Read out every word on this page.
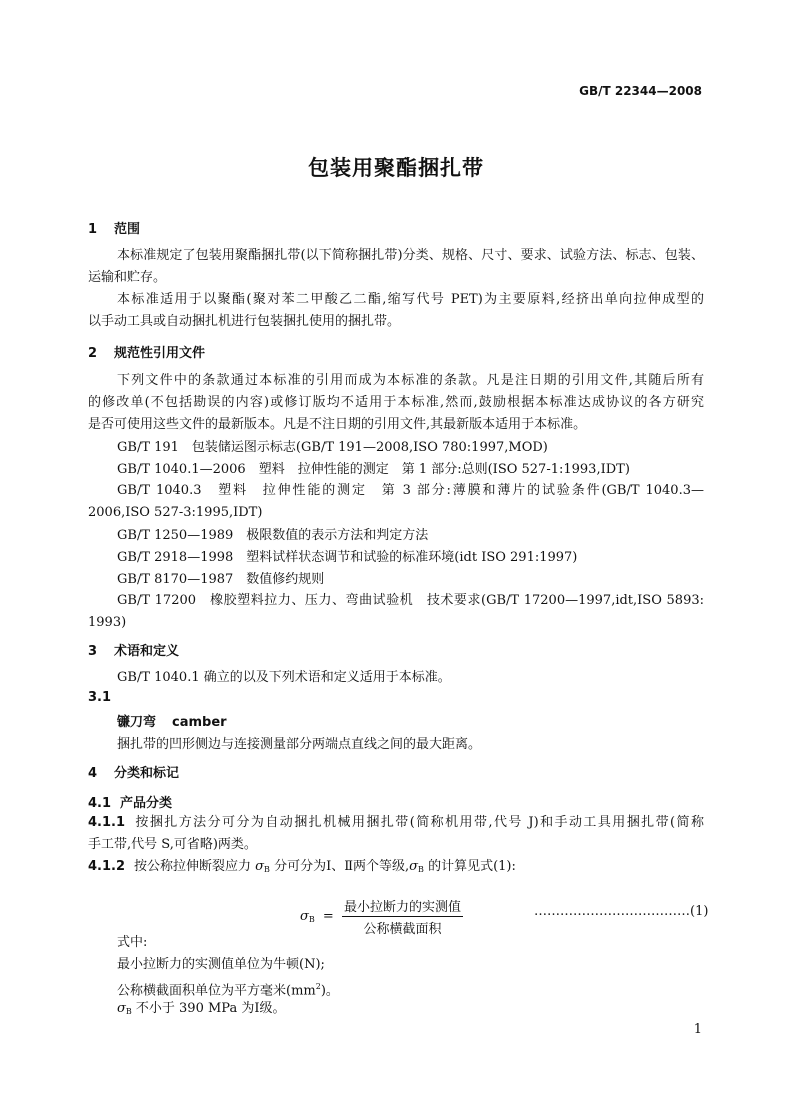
GB/T 22344—2008
包装用聚酯捆扎带
1 范围
本标准规定了包装用聚酯捆扎带(以下简称捆扎带)分类、规格、尺寸、要求、试验方法、标志、包装、
运输和贮存。
本标准适用于以聚酯(聚对苯二甲酸乙二酯,缩写代号 PET)为主要原料,经挤出单向拉伸成型的
以手动工具或自动捆扎机进行包装捆扎使用的捆扎带。
2 规范性引用文件
下列文件中的条款通过本标准的引用而成为本标准的条款。凡是注日期的引用文件,其随后所有
的修改单(不包括勘误的内容)或修订版均不适用于本标准,然而,鼓励根据本标准达成协议的各方研究
是否可使用这些文件的最新版本。凡是不注日期的引用文件,其最新版本适用于本标准。
GB/T 191　包装储运图示标志(GB/T 191—2008,ISO 780:1997,MOD)
GB/T 1040.1—2006　塑料　拉伸性能的测定　第 1 部分:总则(ISO 527-1:1993,IDT)
GB/T 1040.3　塑料　拉伸性能的测定　第 3 部分:薄膜和薄片的试验条件(GB/T 1040.3—
2006,ISO 527-3:1995,IDT)
GB/T 1250—1989　极限数值的表示方法和判定方法
GB/T 2918—1998　塑料试样状态调节和试验的标准环境(idt ISO 291:1997)
GB/T 8170—1987　数值修约规则
GB/T 17200　橡胶塑料拉力、压力、弯曲试验机　技术要求(GB/T 17200—1997,idt,ISO 5893:
1993)
3 术语和定义
GB/T 1040.1 确立的以及下列术语和定义适用于本标准。
3.1
镰刀弯 camber
捆扎带的凹形侧边与连接测量部分两端点直线之间的最大距离。
4 分类和标记
4.1 产品分类
4.1.1 按捆扎方法分可分为自动捆扎机械用捆扎带(简称机用带,代号 J)和手动工具用捆扎带(简称
手工带,代号 S,可省略)两类。
4.1.2 按公称拉伸断裂应力 $\sigma_B$ 分可分为Ⅰ、Ⅱ两个等级$,\sigma_B$ 的计算见式(1):
$\sigma_B = \frac{\text{最小拉断力的实测值}}{\text{公称横截面积}}$	………………………………(1)
式中:
最小拉断力的实测值单位为牛顿(N);
公称横截面积单位为平方毫米$(mm^2)$。
$\sigma_B$ 不小于 390 MPa 为Ⅰ级。
1
